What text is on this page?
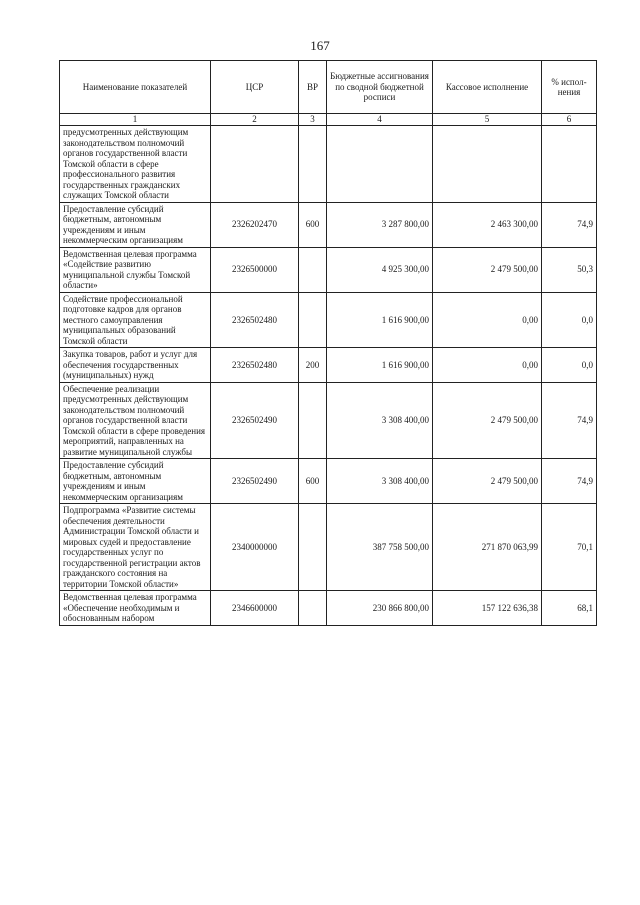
167
Наименование показателей	ЦСР	ВР	Бюджетные ассигнования по сводной бюджетной росписи	Кассовое исполнение	% испол-нения
1	2	3	4	5	6
предусмотренных действующим законодательством полномочий органов государственной власти Томской области в сфере профессионального развития государственных гражданских служащих Томской области					
Предоставление субсидий бюджетным, автономным учреждениям и иным некоммерческим организациям	2326202470	600	3 287 800,00	2 463 300,00	74,9
Ведомственная целевая программа «Содействие развитию муниципальной службы Томской области»	2326500000		4 925 300,00	2 479 500,00	50,3
Содействие профессиональной подготовке кадров для органов местного самоуправления муниципальных образований Томской области	2326502480		1 616 900,00	0,00	0,0
Закупка товаров, работ и услуг для обеспечения государственных (муниципальных) нужд	2326502480	200	1 616 900,00	0,00	0,0
Обеспечение реализации предусмотренных действующим законодательством полномочий органов государственной власти Томской области в сфере проведения мероприятий, направленных на развитие муниципальной службы	2326502490		3 308 400,00	2 479 500,00	74,9
Предоставление субсидий бюджетным, автономным учреждениям и иным некоммерческим организациям	2326502490	600	3 308 400,00	2 479 500,00	74,9
Подпрограмма «Развитие системы обеспечения деятельности Администрации Томской области и мировых судей и предоставление государственных услуг по государственной регистрации актов гражданского состояния на территории Томской области»	2340000000		387 758 500,00	271 870 063,99	70,1
Ведомственная целевая программа «Обеспечение необходимым и обоснованным набором	2346600000		230 866 800,00	157 122 636,38	68,1
